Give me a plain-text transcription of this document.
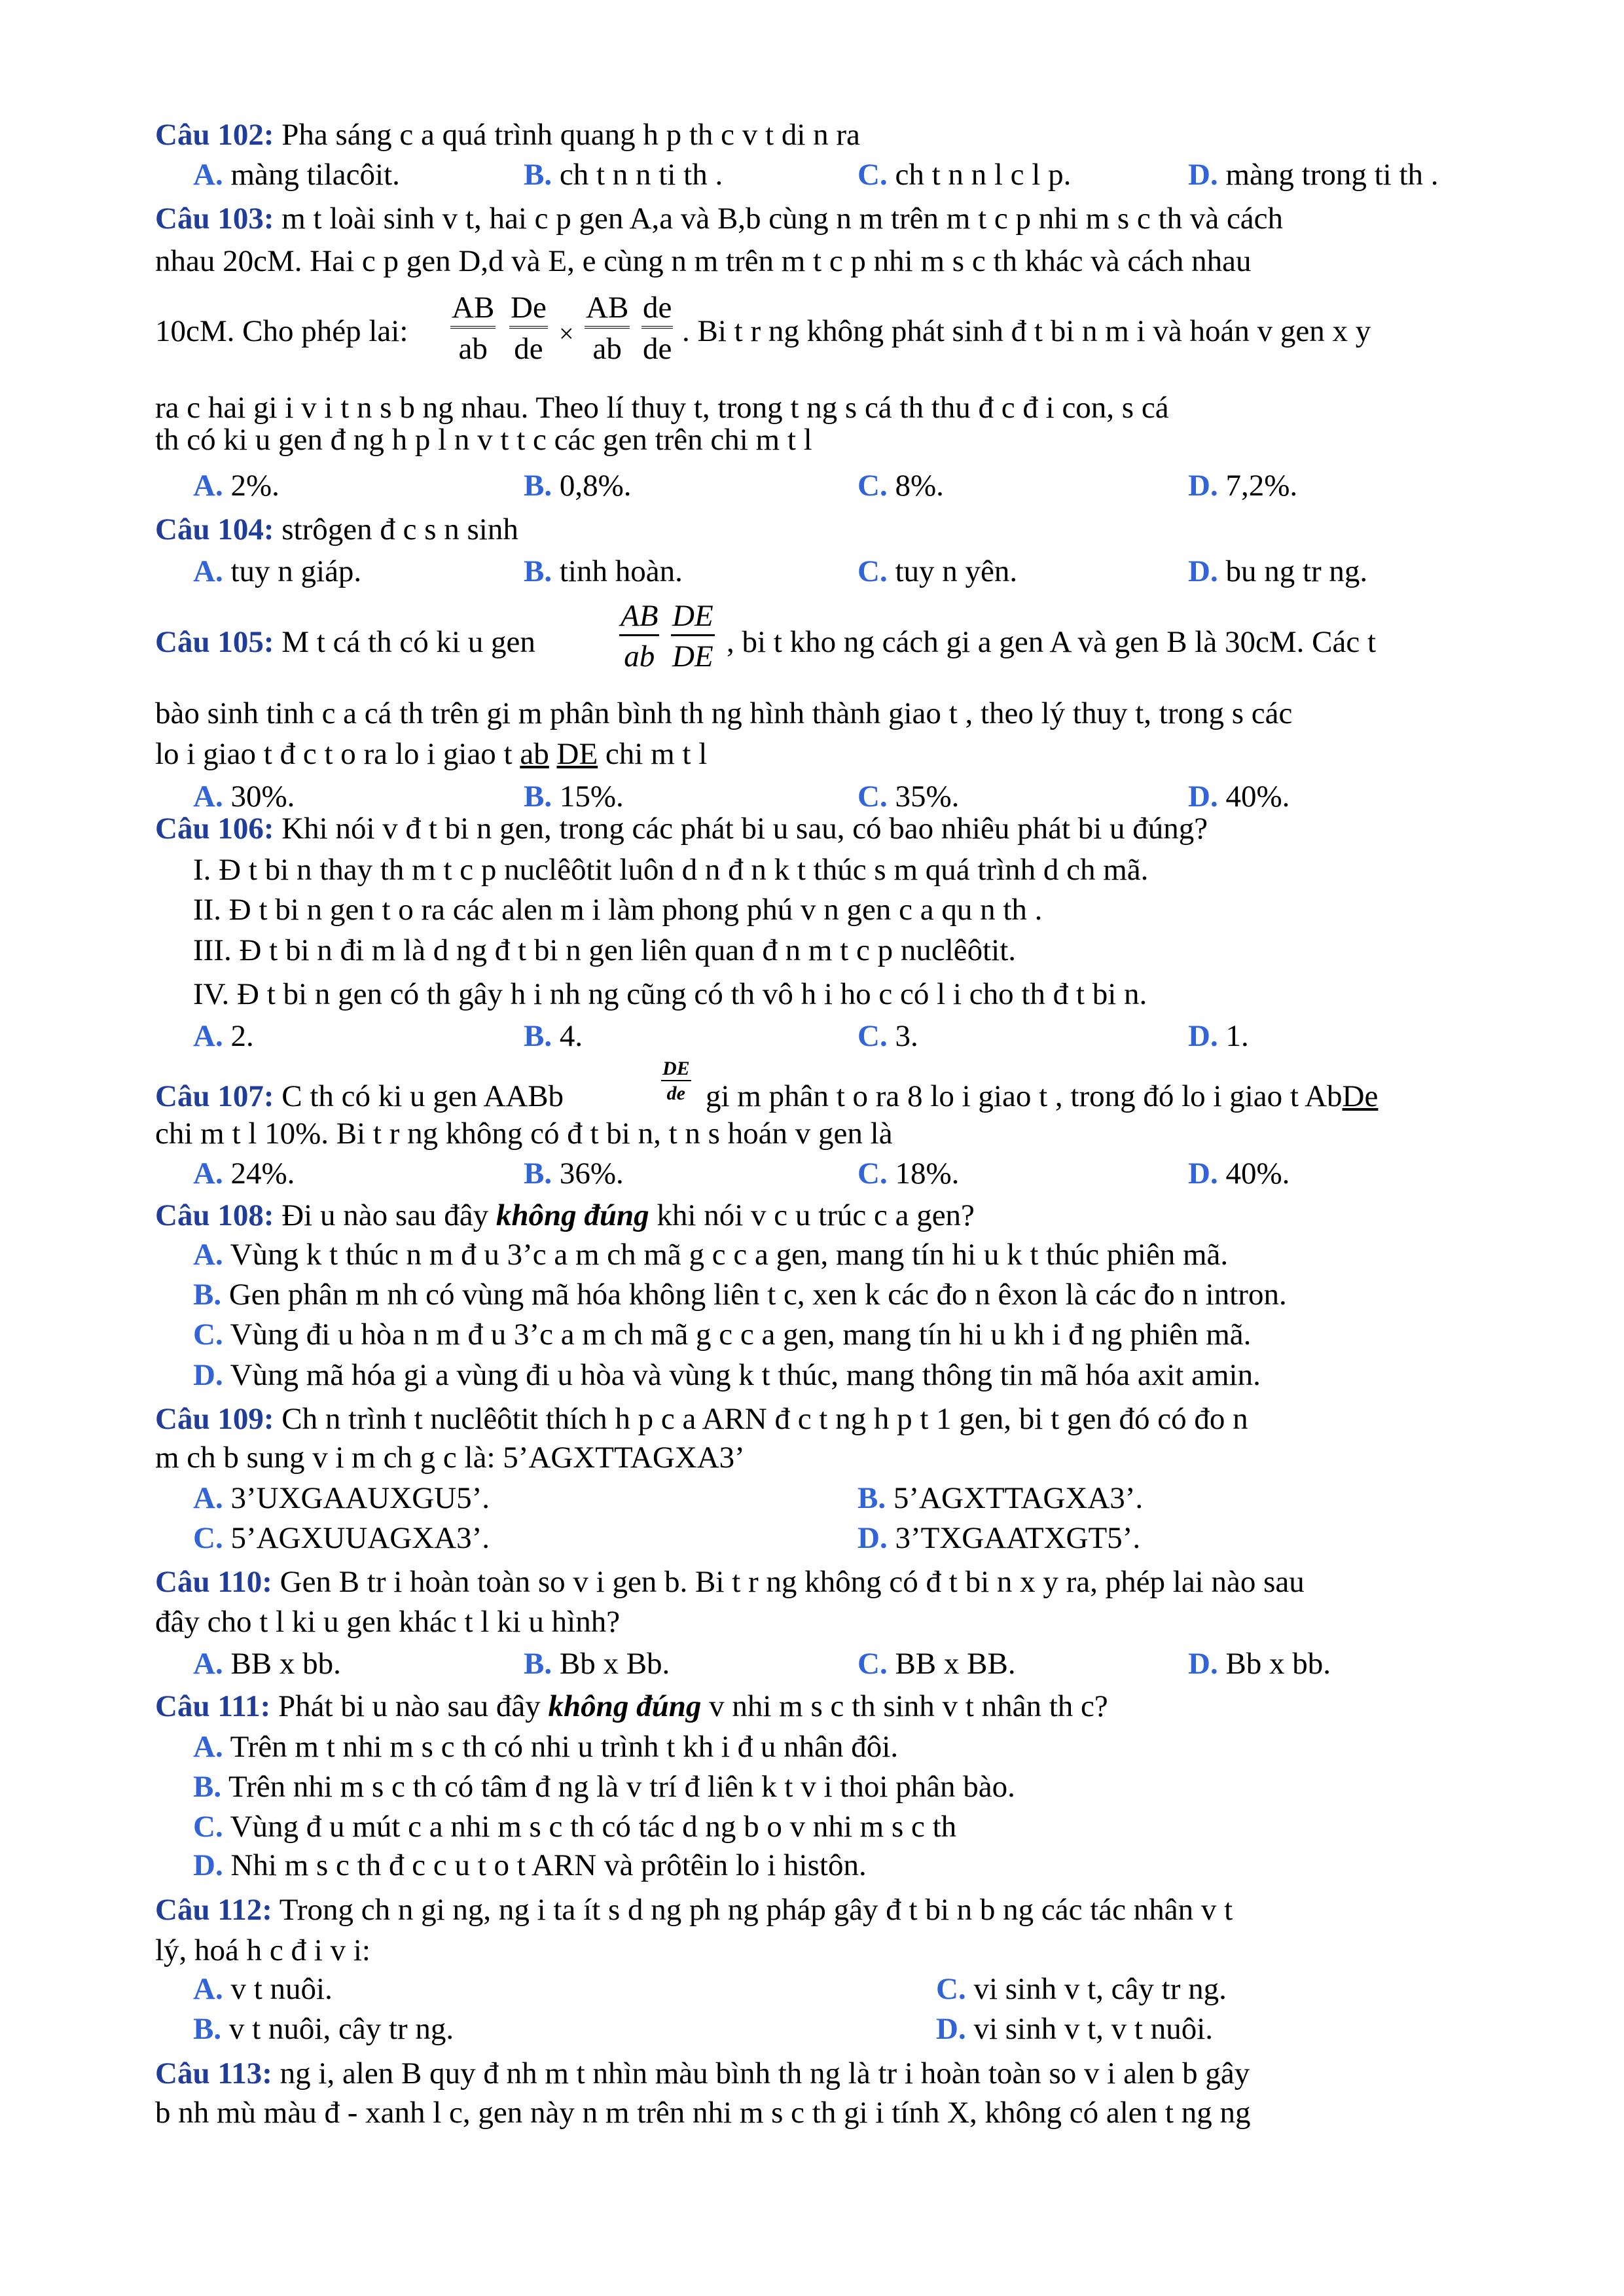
Câu 102: Pha sáng c a quá trình quang h p th c v t di n ra
A. màng tilacôit.	B. ch t n n ti th .	C. ch t n n l c l p.	D. màng trong ti th .
Câu 103: m t loài sinh v t, hai c p gen A,a và B,b cùng n m trên m t c p nhi m s c th và cách
nhau 20cM. Hai c p gen D,d và E, e cùng n m trên m t c p nhi m s c th khác và cách nhau
10cM. Cho phép lai: $\frac{AB}{ab} \frac{De}{de} \times \frac{AB}{ab} \frac{de}{de}$ . Bi t r ng không phát sinh đ t bi n m i và hoán v gen x y
ra c hai gi i v i t n s b ng nhau. Theo lí thuy t, trong t ng s cá th thu đ c đ i con, s cá
th có ki u gen đ ng h p l n v t t c các gen trên chi m t l
A. 2%.	B. 0,8%.	C. 8%.	D. 7,2%.
Câu 104: strôgen đ c s n sinh
A. tuy n giáp.	B. tinh hoàn.	C. tuy n yên.	D. bu ng tr ng.
Câu 105: M t cá th có ki u gen	$\frac{AB}{ab} \frac{DE}{DE}$ , bi t kho ng cách gi a gen A và gen B là 30cM. Các t
bào sinh tinh c a cá th trên gi m phân bình th ng hình thành giao t , theo lý thuy t, trong s các
lo i giao t đ c t o ra lo i giao t ab DE chi m t l
A. 30%.	B. 15%.	C. 35%.	D. 40%.
Câu 106: Khi nói v đ t bi n gen, trong các phát bi u sau, có bao nhiêu phát bi u đúng?
I. Đ t bi n thay th m t c p nuclêôtit luôn d n đ n k t thúc s m quá trình d ch mã.
II. Đ t bi n gen t o ra các alen m i làm phong phú v n gen c a qu n th .
III. Đ t bi n đi m là d ng đ t bi n gen liên quan đ n m t c p nuclêôtit.
IV. Đ t bi n gen có th gây h i nh ng cũng có th vô h i ho c có l i cho th đ t bi n.
A. 2.	B. 4.	C. 3.	D. 1.
Câu 107: C th có ki u gen AABb	$\frac{DE}{de}$ gi m phân t o ra 8 lo i giao t , trong đó lo i giao t AbDe
chi m t l 10%. Bi t r ng không có đ t bi n, t n s hoán v gen là
A. 24%.	B. 36%.	C. 18%.	D. 40%.
Câu 108: Đi u nào sau đây không đúng khi nói v c u trúc c a gen?
A. Vùng k t thúc n m đ u 3’c a m ch mã g c c a gen, mang tín hi u k t thúc phiên mã.
B. Gen phân m nh có vùng mã hóa không liên t c, xen k các đo n êxon là các đo n intron.
C. Vùng đi u hòa n m đ u 3’c a m ch mã g c c a gen, mang tín hi u kh i đ ng phiên mã.
D. Vùng mã hóa gi a vùng đi u hòa và vùng k t thúc, mang thông tin mã hóa axit amin.
Câu 109: Ch n trình t nuclêôtit thích h p c a ARN đ c t ng h p t 1 gen, bi t gen đó có đo n
m ch b sung v i m ch g c là: 5’AGXTTAGXA3’
A. 3’UXGAAUXGU5’.	B. 5’AGXTTAGXA3’.
C. 5’AGXUUAGXA3’.	D. 3’TXGAATXGT5’.
Câu 110: Gen B tr i hoàn toàn so v i gen b. Bi t r ng không có đ t bi n x y ra, phép lai nào sau
đây cho t l ki u gen khác t l ki u hình?
A. BB x bb.	B. Bb x Bb.	C. BB x BB.	D. Bb x bb.
Câu 111: Phát bi u nào sau đây không đúng v nhi m s c th sinh v t nhân th c?
A. Trên m t nhi m s c th có nhi u trình t kh i đ u nhân đôi.
B. Trên nhi m s c th có tâm đ ng là v trí đ liên k t v i thoi phân bào.
C. Vùng đ u mút c a nhi m s c th có tác d ng b o v nhi m s c th
D. Nhi m s c th đ c c u t o t ARN và prôtêin lo i histôn.
Câu 112: Trong ch n gi ng, ng i ta ít s d ng ph ng pháp gây đ t bi n b ng các tác nhân v t
lý, hoá h c đ i v i:
A. v t nuôi.	C. vi sinh v t, cây tr ng.
B. v t nuôi, cây tr ng.	D. vi sinh v t, v t nuôi.
Câu 113: ng i, alen B quy đ nh m t nhìn màu bình th ng là tr i hoàn toàn so v i alen b gây
b nh mù màu đ - xanh l c, gen này n m trên nhi m s c th gi i tính X, không có alen t ng ng
